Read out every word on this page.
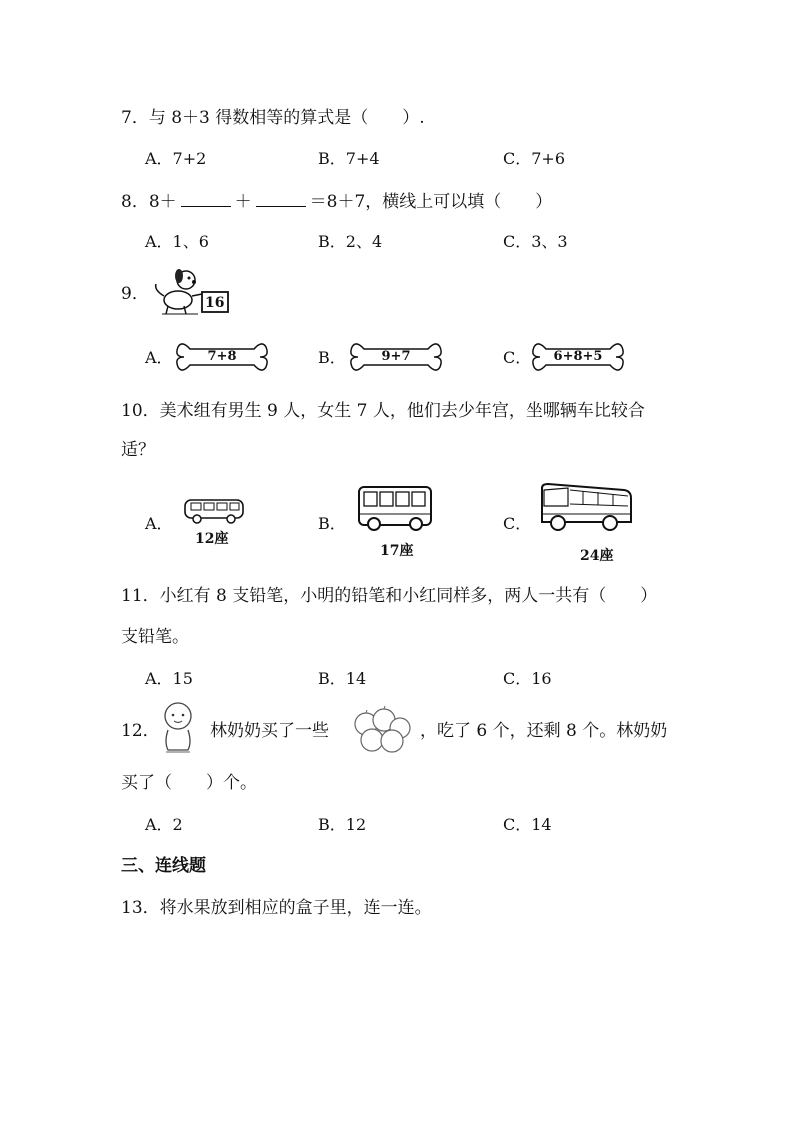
7．与 8＋3 得数相等的算式是（　　）.
A．7+2	B．7+4	C．7+6
8．8＋	＋	＝8＋7，横线上可以填（　　）
A．1、6	B．2、4	C．3、3
9．	16
A．	B．	C．
7+8	9+7	6+8+5
10．美术组有男生 9 人，女生 7 人，他们去少年宫，坐哪辆车比较合
适？
A．	B．	C．
12座
17座	24座
11．小红有 8 支铅笔，小明的铅笔和小红同样多，两人一共有（　　）
支铅笔。
A．15	B．14	C．16
12．	林奶奶买了一些	，吃了 6 个，还剩 8 个。林奶奶
买了（　　）个。
A．2	B．12	C．14
三、连线题
13．将水果放到相应的盒子里，连一连。
